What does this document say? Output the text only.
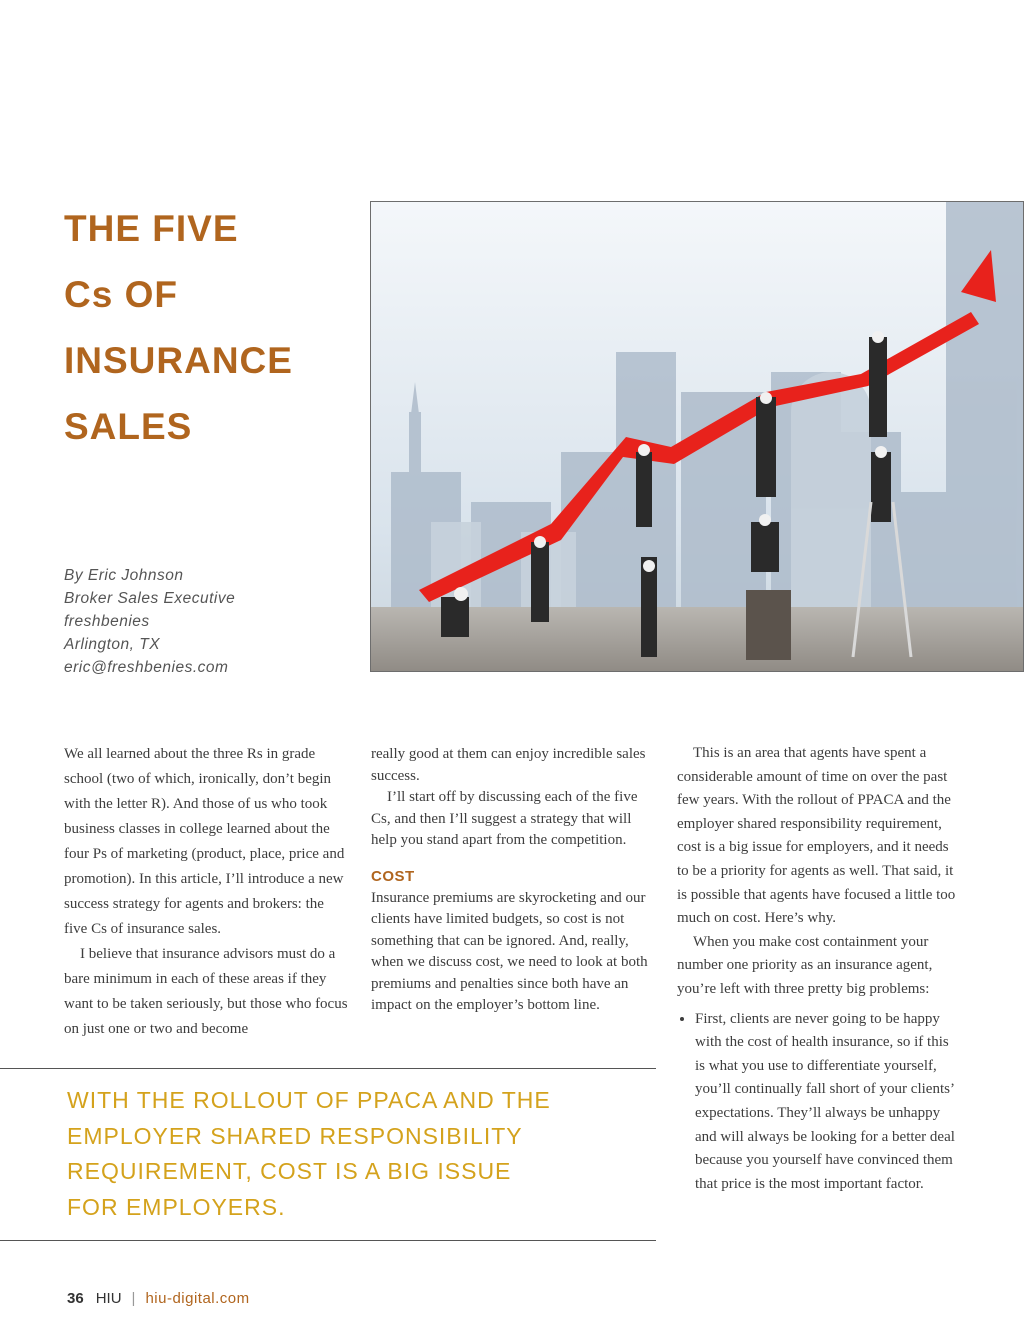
THE FIVE
Cs OF
INSURANCE
SALES
By Eric Johnson
Broker Sales Executive
freshbenies
Arlington, TX
eric@freshbenies.com

We all learned about the three Rs in grade school (two of which, ironically, don’t begin with the letter R). And those of us who took business classes in college learned about the four Ps of marketing (product, place, price and promotion). In this article, I’ll introduce a new success strategy for agents and brokers: the five Cs of insurance sales.

I believe that insurance advisors must do a bare minimum in each of these areas if they want to be taken seriously, but those who focus on just one or two and become

really good at them can enjoy incredible sales success.

I’ll start off by discussing each of the five Cs, and then I’ll suggest a strategy that will help you stand apart from the competition.

COST

Insurance premiums are skyrocketing and our clients have limited budgets, so cost is not something that can be ignored. And, really, when we discuss cost, we need to look at both premiums and penalties since both have an impact on the employer’s bottom line.

This is an area that agents have spent a considerable amount of time on over the past few years. With the rollout of PPACA and the employer shared responsibility requirement, cost is a big issue for employers, and it needs to be a priority for agents as well. That said, it is possible that agents have focused a little too much on cost. Here’s why.

When you make cost containment your number one priority as an insurance agent, you’re left with three pretty big problems:

• First, clients are never going to be happy with the cost of health insurance, so if this is what you use to differentiate yourself, you’ll continually fall short of your clients’ expectations. They’ll always be unhappy and will always be looking for a better deal because you yourself have convinced them that price is the most important factor.
WITH THE ROLLOUT OF PPACA AND THE
EMPLOYER SHARED RESPONSIBILITY
REQUIREMENT, COST IS A BIG ISSUE
FOR EMPLOYERS.
36 HIU | hiu-digital.com
